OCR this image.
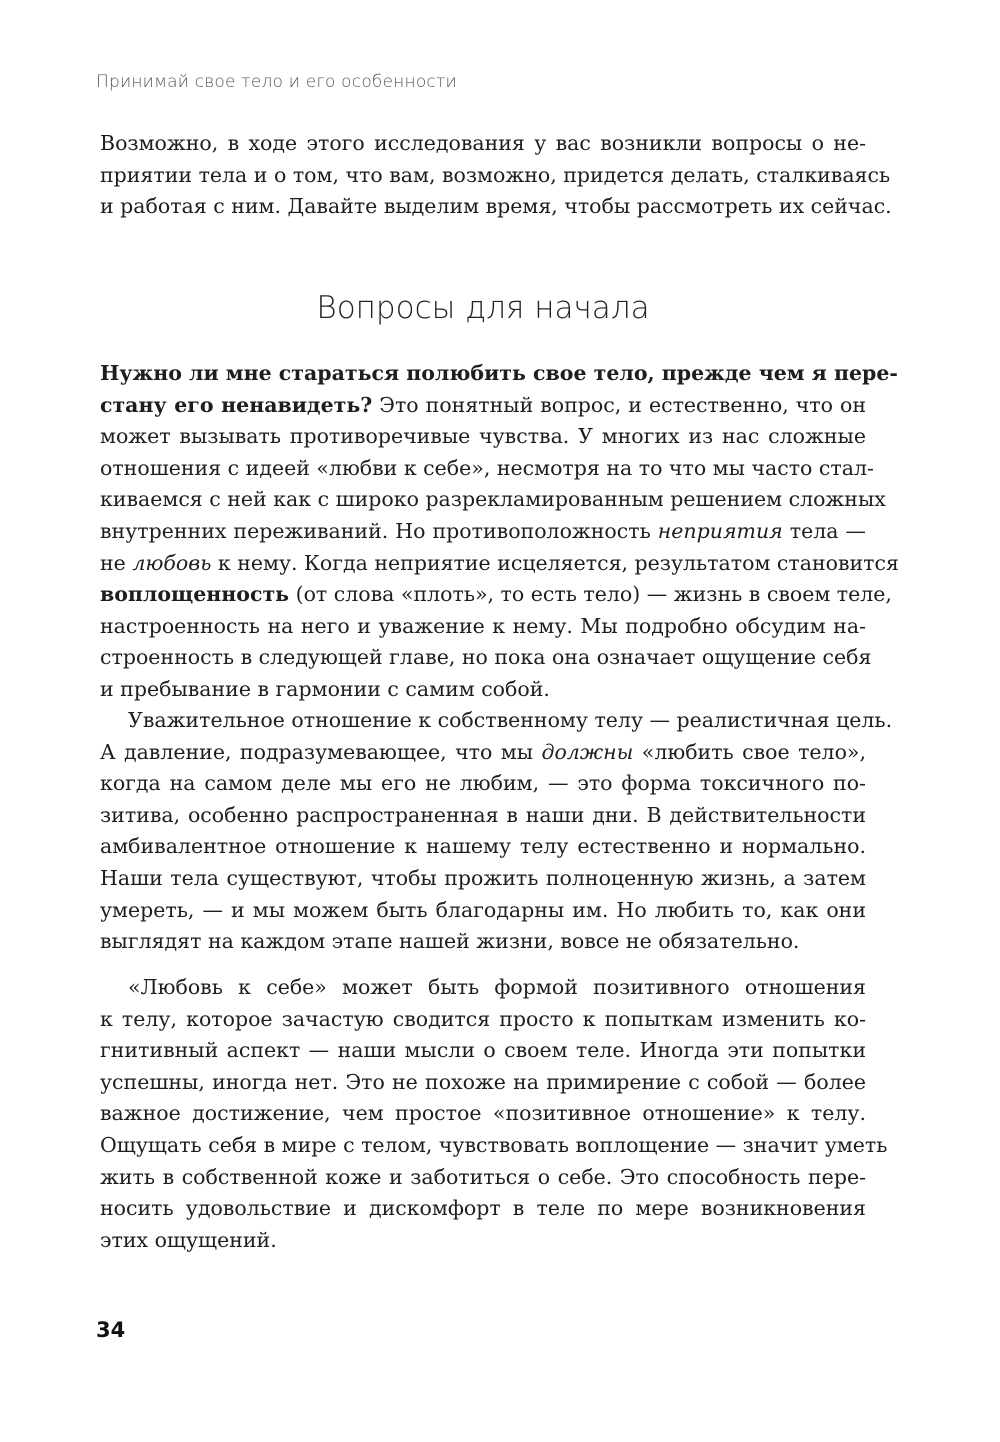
Принимай свое тело и его особенности
Возможно, в ходе этого исследования у вас возникли вопросы о не-
приятии тела и о том, что вам, возможно, придется делать, сталкиваясь
и работая с ним. Давайте выделим время, чтобы рассмотреть их сейчас.
Вопросы для начала
Нужно ли мне стараться полюбить свое тело, прежде чем я пере-
стану его ненавидеть? Это понятный вопрос, и естественно, что он
может вызывать противоречивые чувства. У многих из нас сложные
отношения с идеей «любви к себе», несмотря на то что мы часто стал-
киваемся с ней как с широко разрекламированным решением сложных
внутренних переживаний. Но противоположность неприятия тела —
не любовь к нему. Когда неприятие исцеляется, результатом становится
воплощенность (от слова «плоть», то есть тело) — жизнь в своем теле,
настроенность на него и уважение к нему. Мы подробно обсудим на-
строенность в следующей главе, но пока она означает ощущение себя
и пребывание в гармонии с самим собой.
Уважительное отношение к собственному телу — реалистичная цель.
А давление, подразумевающее, что мы должны «любить свое тело»,
когда на самом деле мы его не любим, — это форма токсичного по-
зитива, особенно распространенная в наши дни. В действительности
амбивалентное отношение к нашему телу естественно и нормально.
Наши тела существуют, чтобы прожить полноценную жизнь, а затем
умереть, — и мы можем быть благодарны им. Но любить то, как они
выглядят на каждом этапе нашей жизни, вовсе не обязательно.
«Любовь к себе» может быть формой позитивного отношения
к телу, которое зачастую сводится просто к попыткам изменить ко-
гнитивный аспект — наши мысли о своем теле. Иногда эти попытки
успешны, иногда нет. Это не похоже на примирение с собой — более
важное достижение, чем простое «позитивное отношение» к телу.
Ощущать себя в мире с телом, чувствовать воплощение — значит уметь
жить в собственной коже и заботиться о себе. Это способность пере-
носить удовольствие и дискомфорт в теле по мере возникновения
этих ощущений.
34
